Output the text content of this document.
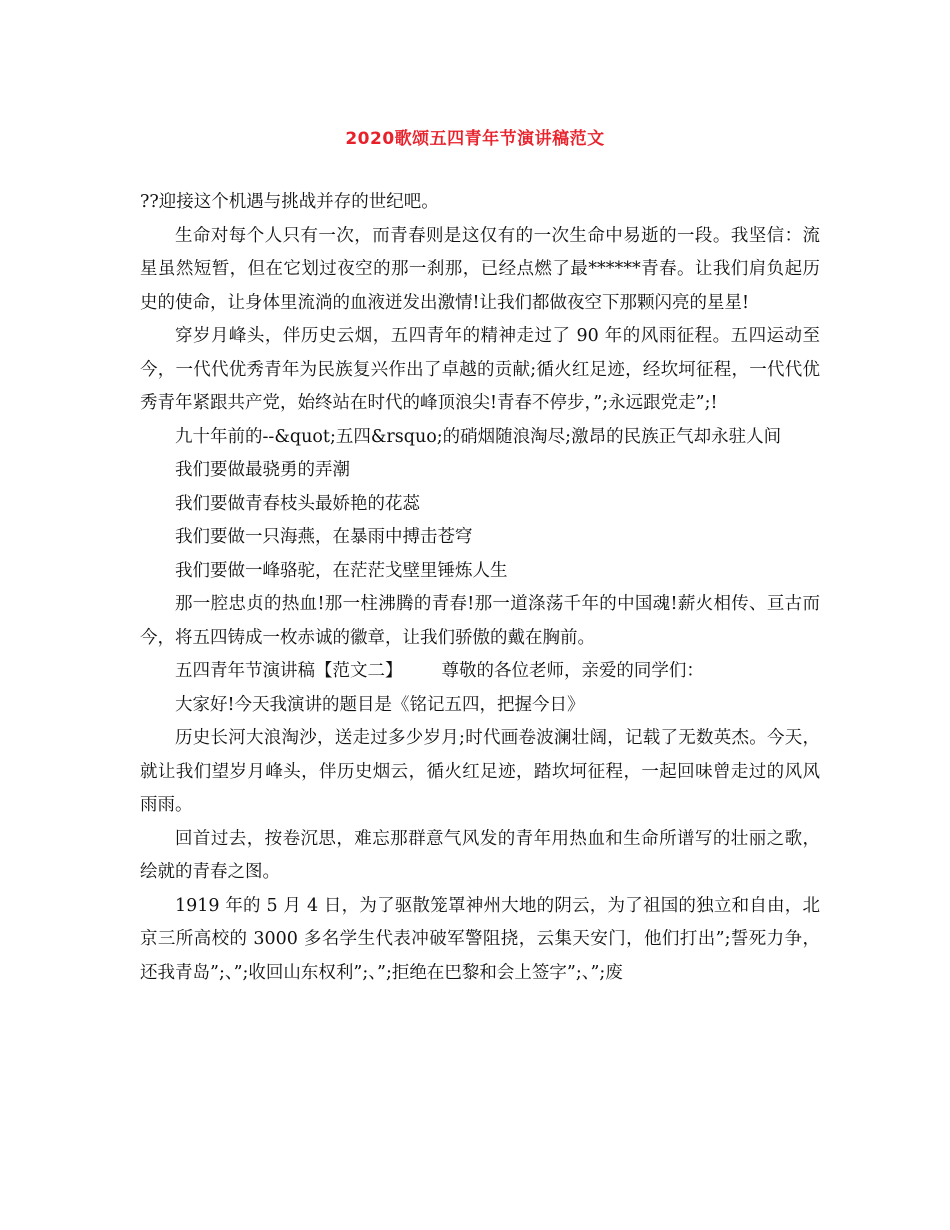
2020歌颂五四青年节演讲稿范文

??迎接这个机遇与挑战并存的世纪吧。

生命对每个人只有一次，而青春则是这仅有的一次生命中易逝的一段。我坚信：流星虽然短暂，但在它划过夜空的那一刹那，已经点燃了最******青春。让我们肩负起历史的使命，让身体里流淌的血液迸发出激情!让我们都做夜空下那颗闪亮的星星!

穿岁月峰头，伴历史云烟，五四青年的精神走过了 90 年的风雨征程。五四运动至今，一代代优秀青年为民族复兴作出了卓越的贡献;循火红足迹，经坎坷征程，一代代优秀青年紧跟共产党，始终站在时代的峰顶浪尖!青春不停步，”;永远跟党走”;!

九十年前的--&quot;五四&rsquo;的硝烟随浪淘尽;激昂的民族正气却永驻人间

我们要做最骁勇的弄潮

我们要做青春枝头最娇艳的花蕊

我们要做一只海燕，在暴雨中搏击苍穹

我们要做一峰骆驼，在茫茫戈壁里锤炼人生

那一腔忠贞的热血!那一柱沸腾的青春!那一道涤荡千年的中国魂!薪火相传、亘古而今，将五四铸成一枚赤诚的徽章，让我们骄傲的戴在胸前。

五四青年节演讲稿【范文二】       尊敬的各位老师，亲爱的同学们：

大家好!今天我演讲的题目是《铭记五四，把握今日》

历史长河大浪淘沙，送走过多少岁月;时代画卷波澜壮阔，记载了无数英杰。今天，就让我们望岁月峰头，伴历史烟云，循火红足迹，踏坎坷征程，一起回味曾走过的风风雨雨。

回首过去，按卷沉思，难忘那群意气风发的青年用热血和生命所谱写的壮丽之歌，绘就的青春之图。

1919 年的 5 月 4 日，为了驱散笼罩神州大地的阴云，为了祖国的独立和自由，北京三所高校的 3000 多名学生代表冲破军警阻挠，云集天安门，他们打出”;誓死力争，还我青岛”;、”;收回山东权利”;、”;拒绝在巴黎和会上签字”;、”;废
